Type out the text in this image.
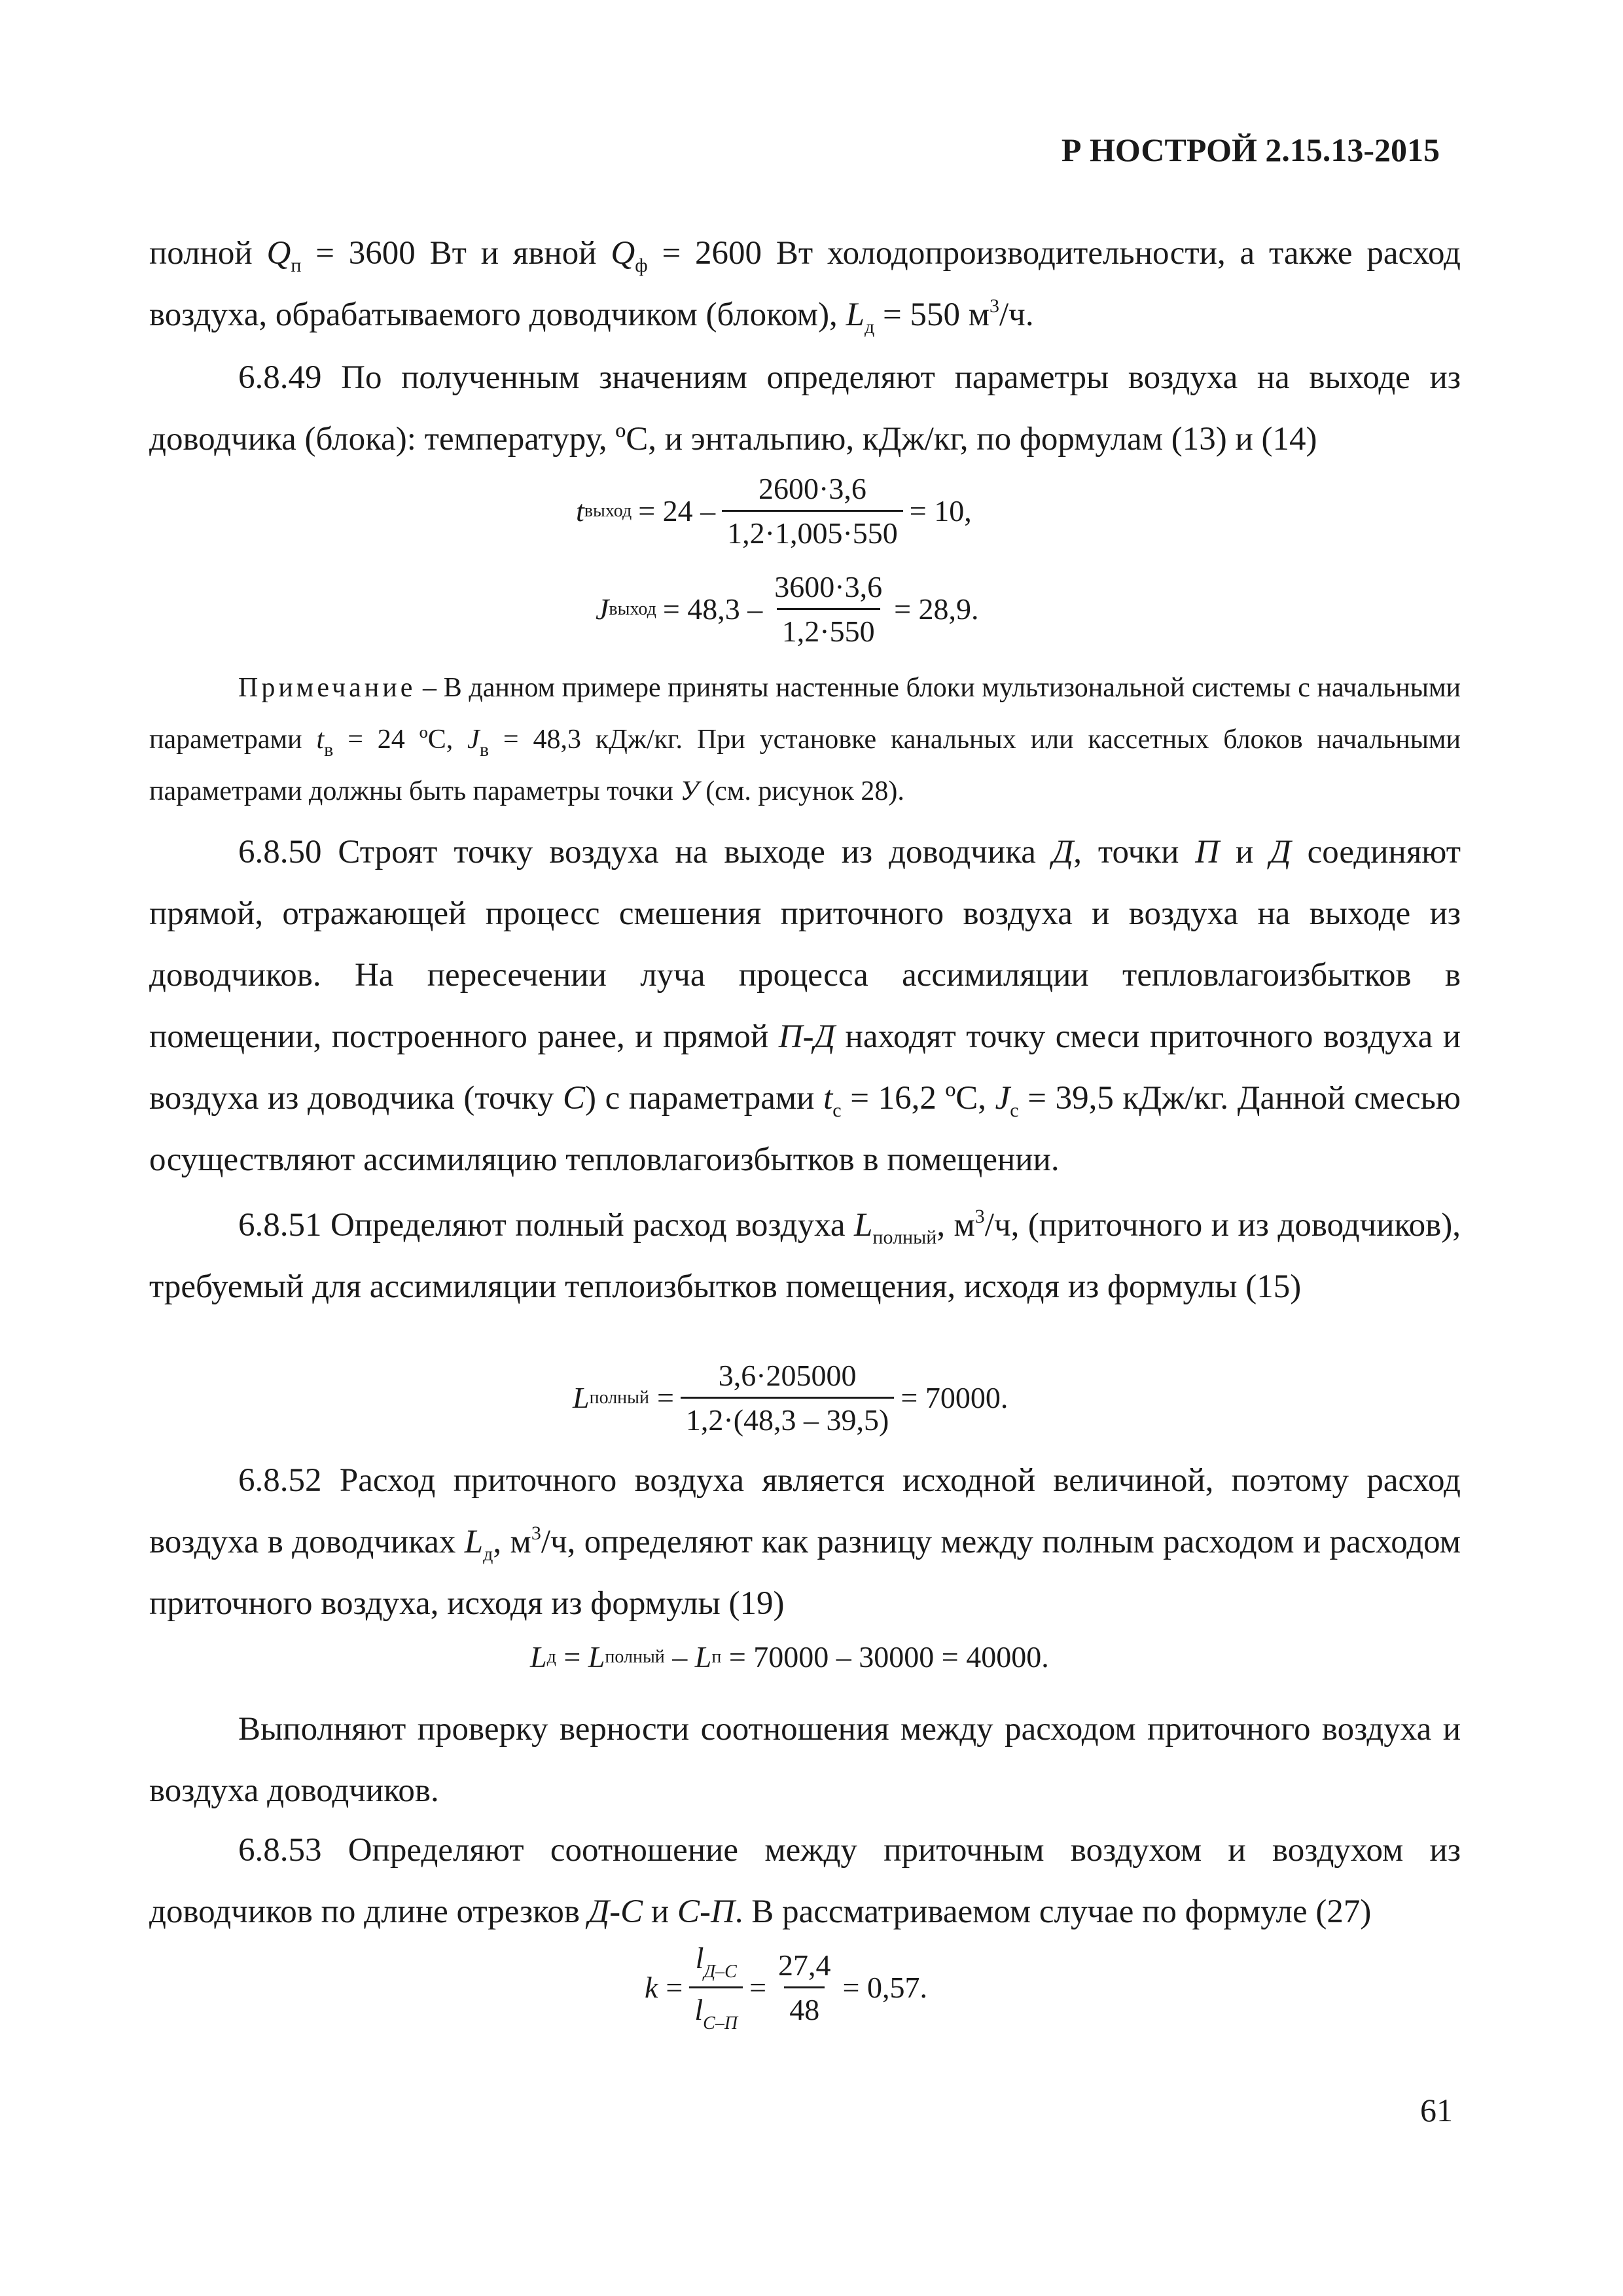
Р НОСТРОЙ 2.15.13-2015
полной $Q_п = 3600$ Вт и явной $Q_ф = 2600$ Вт холодопроизводительности, а также расход воздуха, обрабатываемого доводчиком (блоком), $L_д = 550$ $м^3/ч$.
6.8.49 По полученным значениям определяют параметры воздуха на выходе из доводчика (блока): температуру, ºС, и энтальпию, кДж/кг, по формулам (13) и (14)
t выход = $24 - \frac{2600\cdot 3,6}{1,2\cdot 1,005\cdot 550} = 10$,
J выход = $48,3 - \frac{3600\cdot 3,6}{1,2\cdot 550} = 28,9$.
Примечание – В данном примере приняты настенные блоки мультизональной системы с начальными параметрами $t_в = 24$ ºС, $J_в = 48,3$ кДж/кг. При установке канальных или кассетных блоков начальными параметрами должны быть параметры точки У (см. рисунок 28).
6.8.50 Строят точку воздуха на выходе из доводчика Д, точки П и Д соединяют прямой, отражающей процесс смешения приточного воздуха и воздуха на выходе из доводчиков. На пересечении луча процесса ассимиляции тепловлагоизбытков в помещении, построенного ранее, и прямой П-Д находят точку смеси приточного воздуха и воздуха из доводчика (точку С) с параметрами $t_с = 16,2$ ºС, $J_с = 39,5$ кДж/кг. Данной смесью осуществляют ассимиляцию тепловлагоизбытков в помещении.
6.8.51 Определяют полный расход воздуха $L_{полный}$, $м^3/ч$, (приточного и из доводчиков), требуемый для ассимиляции теплоизбытков помещения, исходя из формулы (15)
L полный = $\frac{3,6\cdot 205000}{1,2\cdot(48,3 - 39,5)} = 70000$.
6.8.52 Расход приточного воздуха является исходной величиной, поэтому расход воздуха в доводчиках $L_д$, $м^3/ч$, определяют как разницу между полным расходом и расходом приточного воздуха, исходя из формулы (19)
L д = L полный – L п = 70000 – 30000 = 40000.
Выполняют проверку верности соотношения между расходом приточного воздуха и воздуха доводчиков.
6.8.53 Определяют соотношение между приточным воздухом и воздухом из доводчиков по длине отрезков Д-С и С-П. В рассматриваемом случае по формуле (27)
$k = \frac{l_{Д-С}}{l_{С-П}} = \frac{27,4}{48} = 0,57$.
61
